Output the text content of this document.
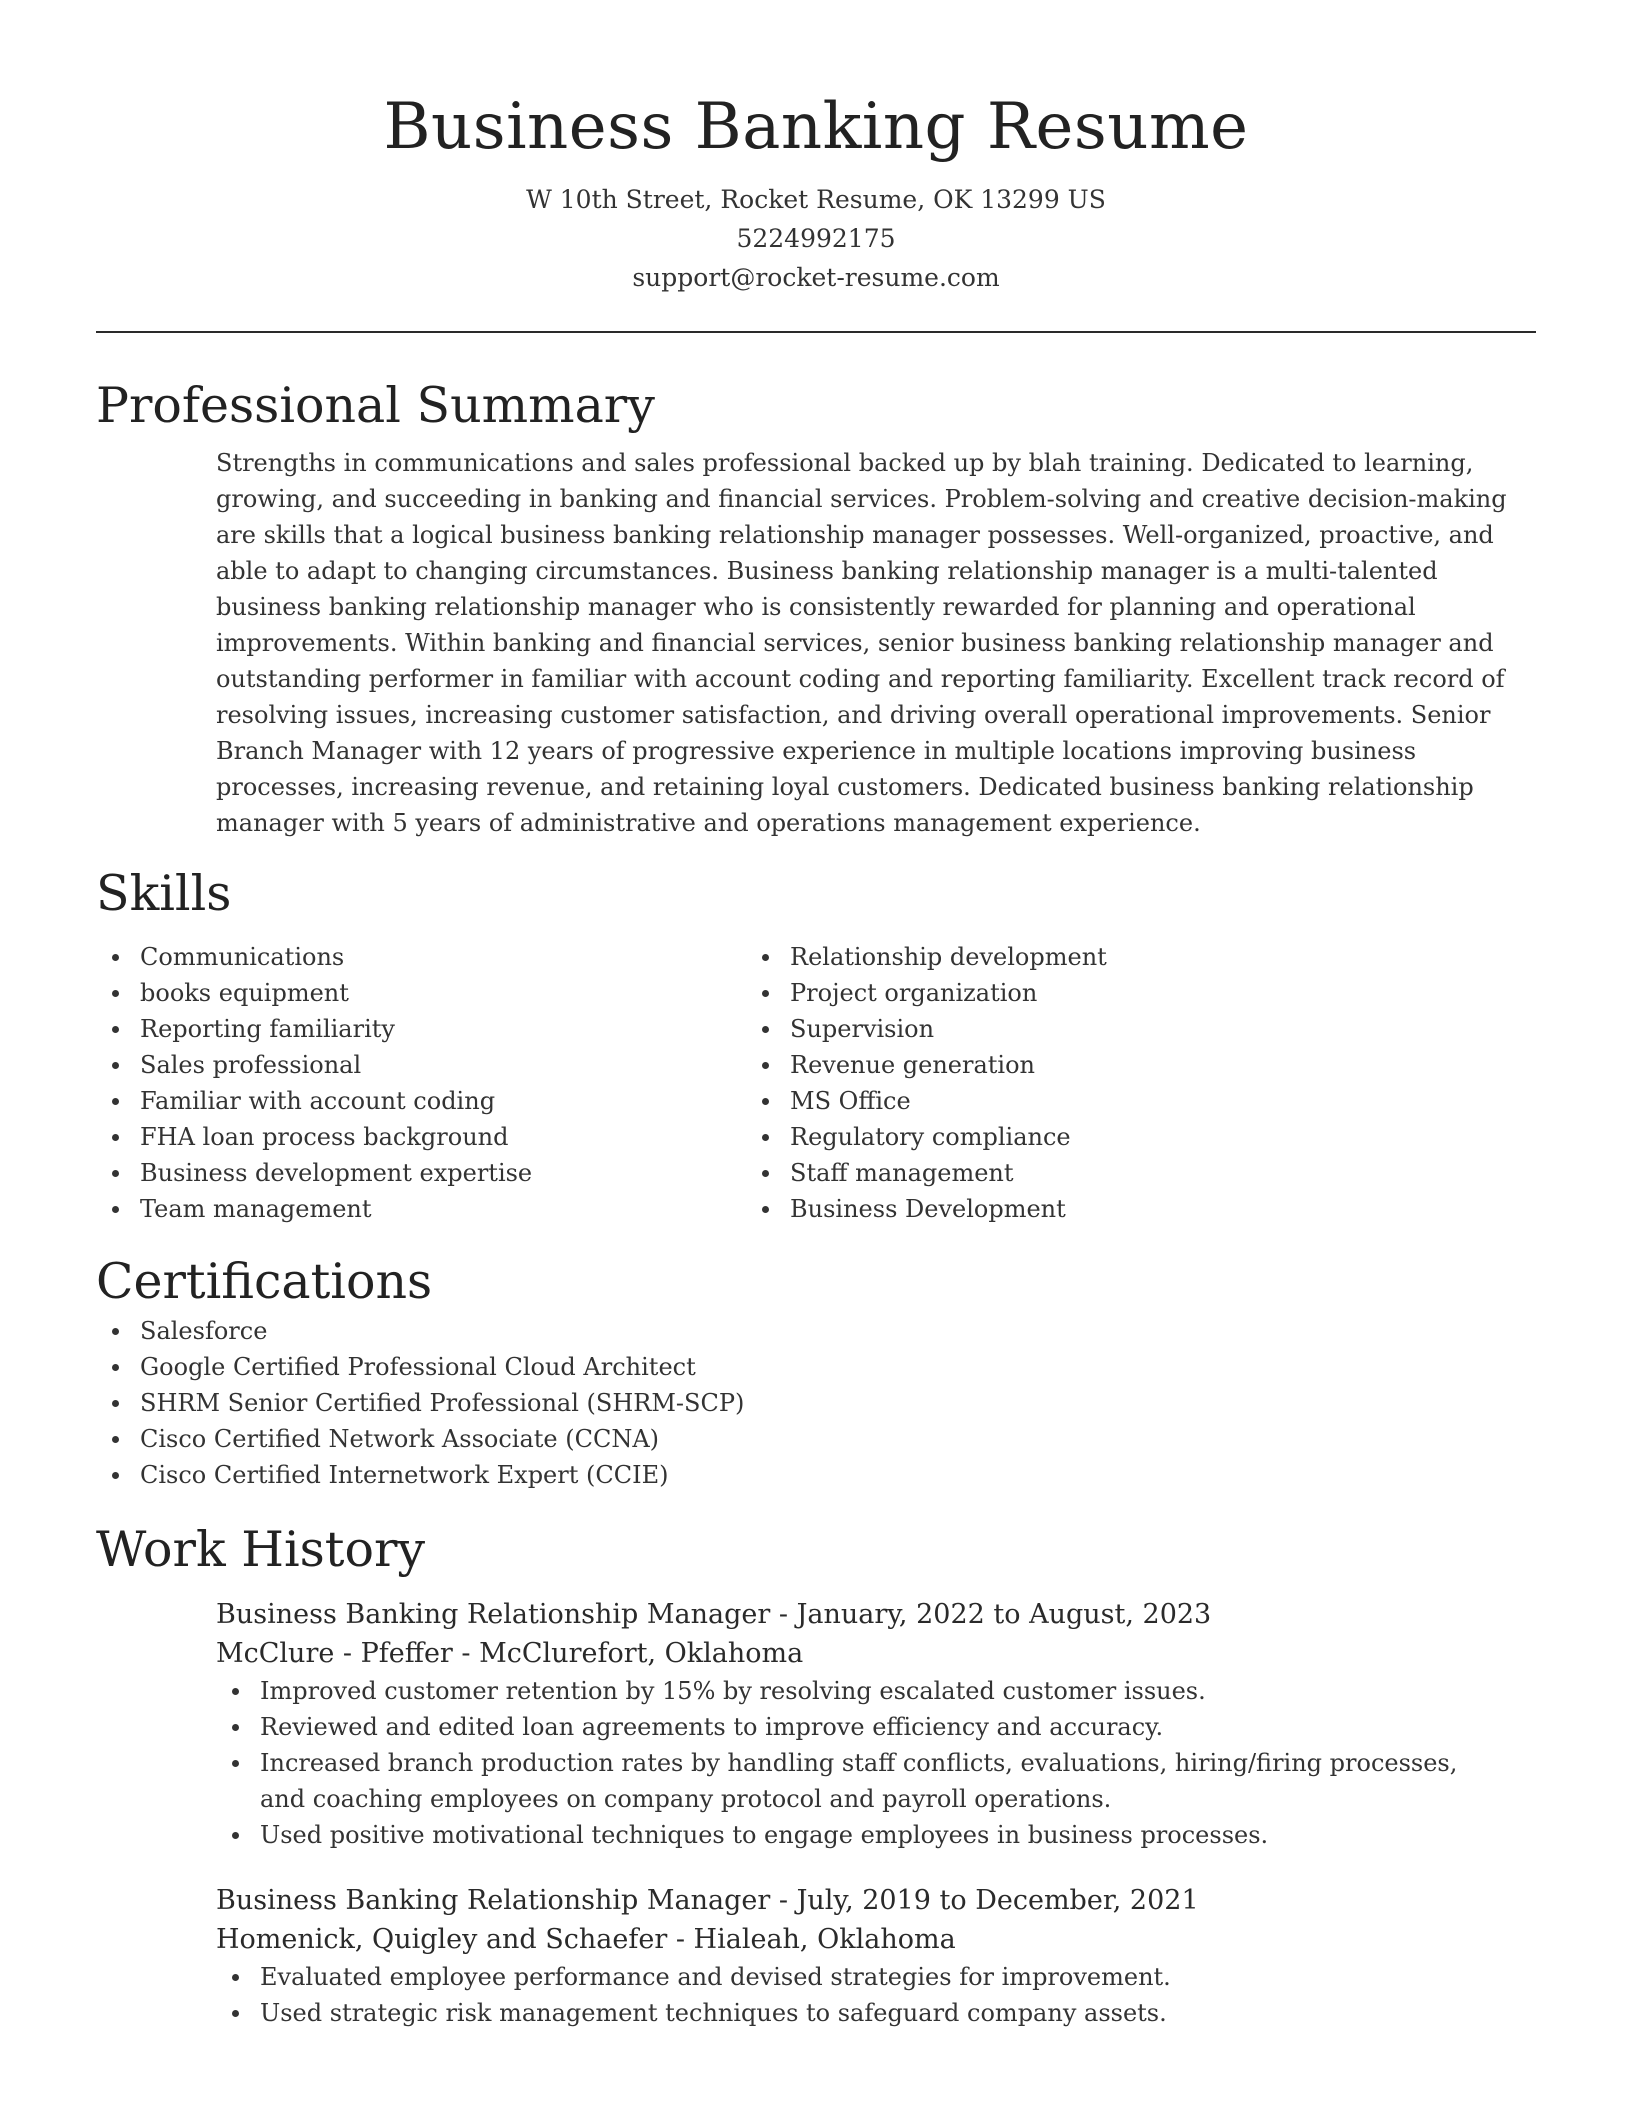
Business Banking Resume
W 10th Street, Rocket Resume, OK 13299 US
5224992175
support@rocket-resume.com
Professional Summary

Strengths in communications and sales professional backed up by blah training. Dedicated to learning, growing, and succeeding in banking and financial services. Problem-solving and creative decision-making are skills that a logical business banking relationship manager possesses. Well-organized, proactive, and able to adapt to changing circumstances. Business banking relationship manager is a multi-talented business banking relationship manager who is consistently rewarded for planning and operational improvements. Within banking and financial services, senior business banking relationship manager and outstanding performer in familiar with account coding and reporting familiarity. Excellent track record of resolving issues, increasing customer satisfaction, and driving overall operational improvements. Senior Branch Manager with 12 years of progressive experience in multiple locations improving business processes, increasing revenue, and retaining loyal customers. Dedicated business banking relationship manager with 5 years of administrative and operations management experience.

Skills
Communications
books equipment
Reporting familiarity
Sales professional
Familiar with account coding
FHA loan process background
Business development expertise
Team management
Relationship development
Project organization
Supervision
Revenue generation
MS Office
Regulatory compliance
Staff management
Business Development
Certifications
Salesforce
Google Certified Professional Cloud Architect
SHRM Senior Certified Professional (SHRM-SCP)
Cisco Certified Network Associate (CCNA)
Cisco Certified Internetwork Expert (CCIE)
Work History
Business Banking Relationship Manager - January, 2022 to August, 2023
McClure - Pfeffer - McClurefort, Oklahoma
Improved customer retention by 15% by resolving escalated customer issues.
Reviewed and edited loan agreements to improve efficiency and accuracy.
Increased branch production rates by handling staff conflicts, evaluations, hiring/firing processes, and coaching employees on company protocol and payroll operations.
Used positive motivational techniques to engage employees in business processes.
Business Banking Relationship Manager - July, 2019 to December, 2021
Homenick, Quigley and Schaefer - Hialeah, Oklahoma
Evaluated employee performance and devised strategies for improvement.
Used strategic risk management techniques to safeguard company assets.
